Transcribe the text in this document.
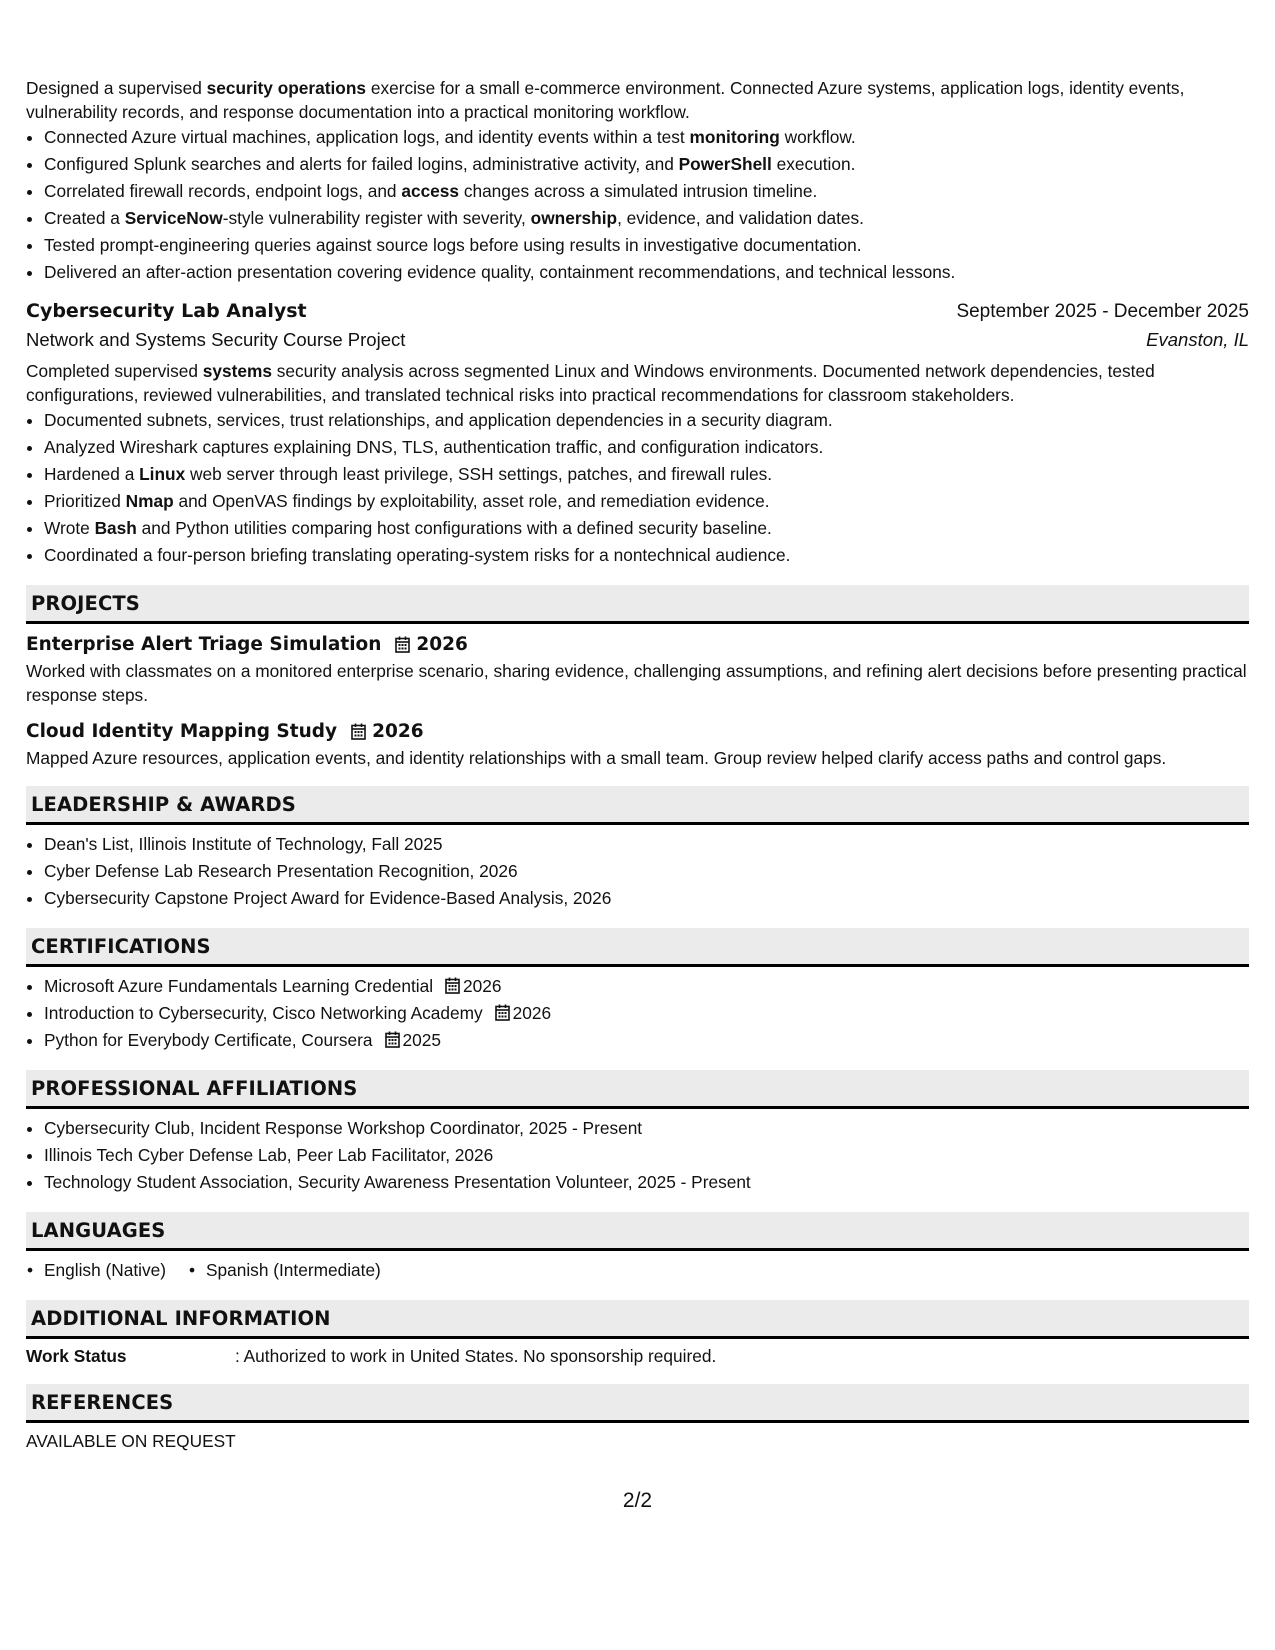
Designed a supervised security operations exercise for a small e-commerce environment. Connected Azure systems, application logs, identity events, vulnerability records, and response documentation into a practical monitoring workflow.

• Connected Azure virtual machines, application logs, and identity events within a test monitoring workflow.
• Configured Splunk searches and alerts for failed logins, administrative activity, and PowerShell execution.
• Correlated firewall records, endpoint logs, and access changes across a simulated intrusion timeline.
• Created a ServiceNow-style vulnerability register with severity, ownership, evidence, and validation dates.
• Tested prompt-engineering queries against source logs before using results in investigative documentation.
• Delivered an after-action presentation covering evidence quality, containment recommendations, and technical lessons.
Cybersecurity Lab Analyst	September 2025 - December 2025
Network and Systems Security Course Project	Evanston, IL

Completed supervised systems security analysis across segmented Linux and Windows environments. Documented network dependencies, tested configurations, reviewed vulnerabilities, and translated technical risks into practical recommendations for classroom stakeholders.

• Documented subnets, services, trust relationships, and application dependencies in a security diagram.
• Analyzed Wireshark captures explaining DNS, TLS, authentication traffic, and configuration indicators.
• Hardened a Linux web server through least privilege, SSH settings, patches, and firewall rules.
• Prioritized Nmap and OpenVAS findings by exploitability, asset role, and remediation evidence.
• Wrote Bash and Python utilities comparing host configurations with a defined security baseline.
• Coordinated a four-person briefing translating operating-system risks for a nontechnical audience.
PROJECTS
Enterprise Alert Triage Simulation 2026

Worked with classmates on a monitored enterprise scenario, sharing evidence, challenging assumptions, and refining alert decisions before presenting practical response steps.

Cloud Identity Mapping Study 2026

Mapped Azure resources, application events, and identity relationships with a small team. Group review helped clarify access paths and control gaps.

LEADERSHIP & AWARDS
• Dean's List, Illinois Institute of Technology, Fall 2025
• Cyber Defense Lab Research Presentation Recognition, 2026
• Cybersecurity Capstone Project Award for Evidence-Based Analysis, 2026
CERTIFICATIONS
• Microsoft Azure Fundamentals Learning Credential 2026
• Introduction to Cybersecurity, Cisco Networking Academy 2026
• Python for Everybody Certificate, Coursera 2025
PROFESSIONAL AFFILIATIONS
• Cybersecurity Club, Incident Response Workshop Coordinator, 2025 - Present
• Illinois Tech Cyber Defense Lab, Peer Lab Facilitator, 2026
• Technology Student Association, Security Awareness Presentation Volunteer, 2025 - Present
LANGUAGES
• English (Native)
•	Spanish (Intermediate)
ADDITIONAL INFORMATION
Work Status	: Authorized to work in United States. No sponsorship required.
REFERENCES
AVAILABLE ON REQUEST
2/2
